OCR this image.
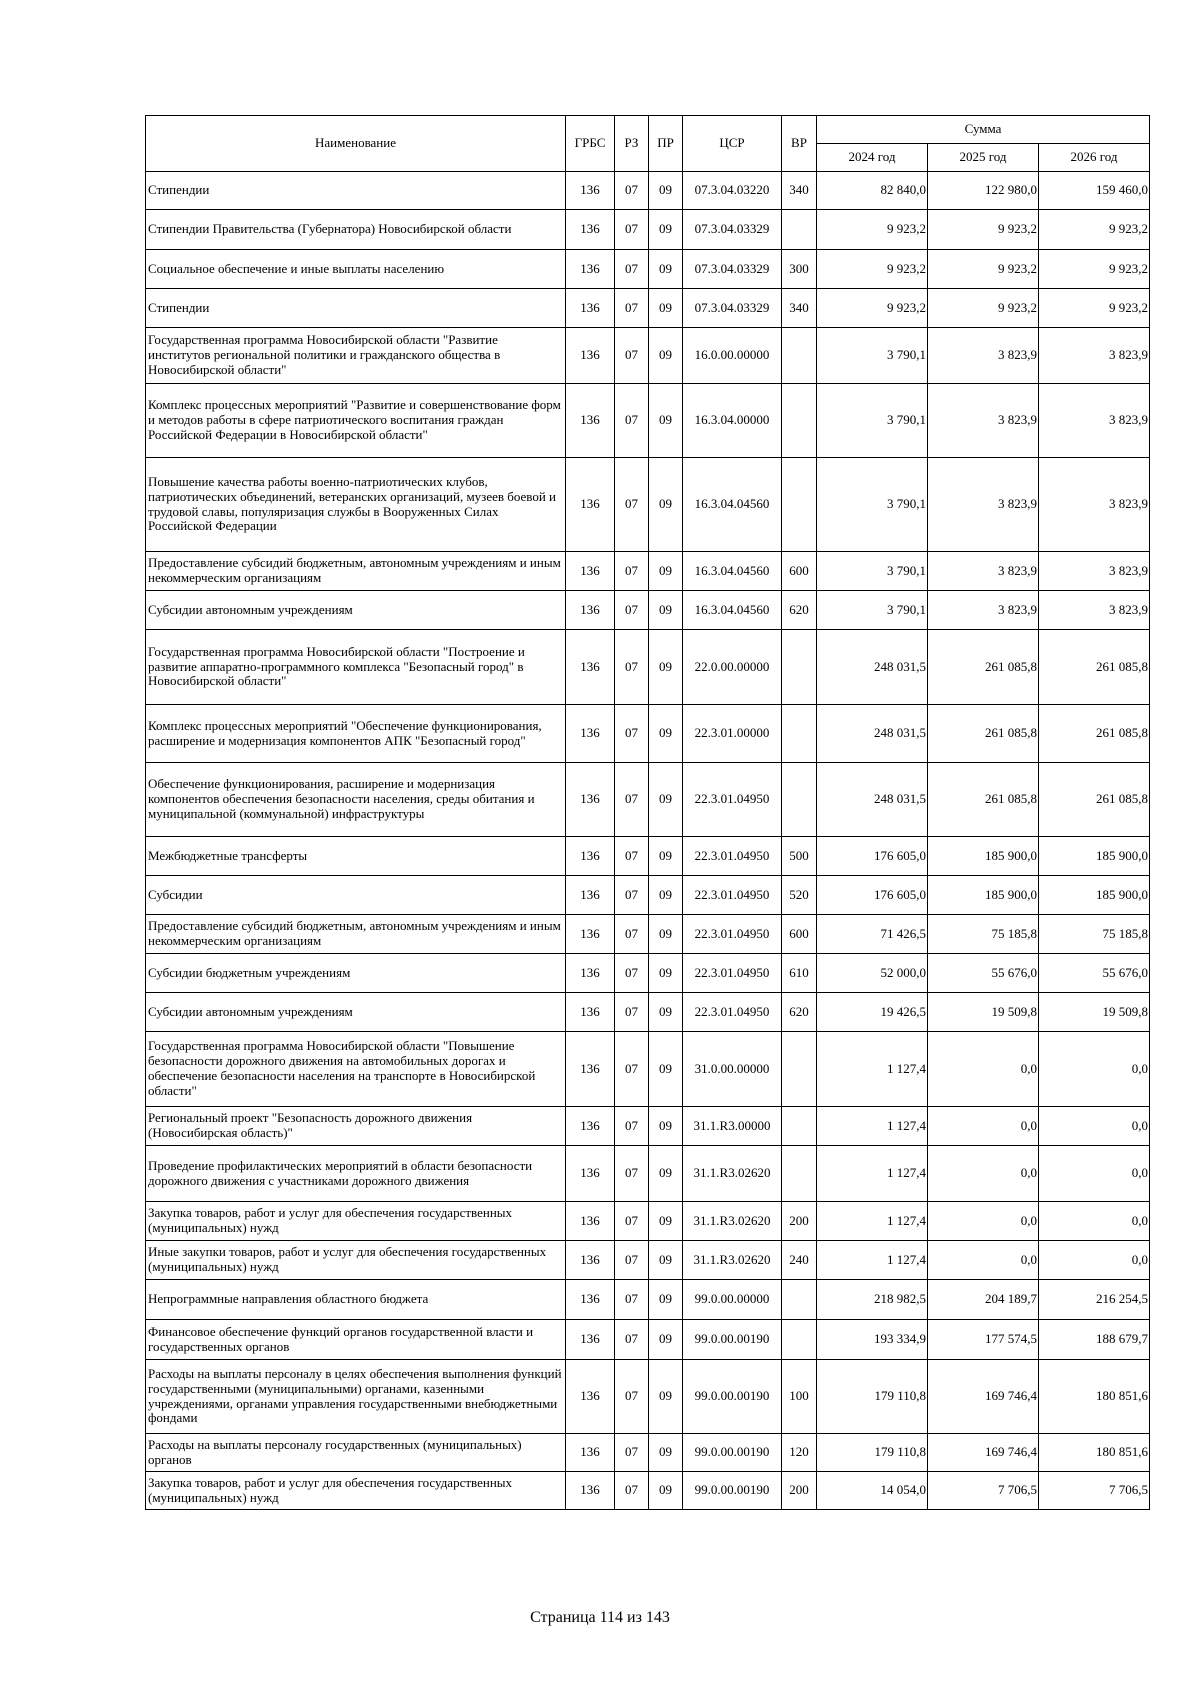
Наименование	ГРБС	РЗ	ПР	ЦСР	ВР	Сумма		
						2024 год	2025 год	2026 год
Стипендии	136	07	09	07.3.04.03220	340	82 840,0	122 980,0	159 460,0
Стипендии Правительства (Губернатора) Новосибирской области	136	07	09	07.3.04.03329		9 923,2	9 923,2	9 923,2
Социальное обеспечение и иные выплаты населению	136	07	09	07.3.04.03329	300	9 923,2	9 923,2	9 923,2
Стипендии	136	07	09	07.3.04.03329	340	9 923,2	9 923,2	9 923,2
Государственная программа Новосибирской области "Развитие институтов региональной политики и гражданского общества в Новосибирской области"	136	07	09	16.0.00.00000		3 790,1	3 823,9	3 823,9
Комплекс процессных мероприятий "Развитие и совершенствование форм и методов работы в сфере патриотического воспитания граждан Российской Федерации в Новосибирской области"	136	07	09	16.3.04.00000		3 790,1	3 823,9	3 823,9
Повышение качества работы военно-патриотических клубов, патриотических объединений, ветеранских организаций, музеев боевой и трудовой славы, популяризация службы в Вооруженных Силах Российской Федерации	136	07	09	16.3.04.04560		3 790,1	3 823,9	3 823,9
Предоставление субсидий бюджетным, автономным учреждениям и иным некоммерческим организациям	136	07	09	16.3.04.04560	600	3 790,1	3 823,9	3 823,9
Субсидии автономным учреждениям	136	07	09	16.3.04.04560	620	3 790,1	3 823,9	3 823,9
Государственная программа Новосибирской области "Построение и развитие аппаратно-программного комплекса "Безопасный город" в Новосибирской области"	136	07	09	22.0.00.00000		248 031,5	261 085,8	261 085,8
Комплекс процессных мероприятий "Обеспечение функционирования, расширение и модернизация компонентов АПК "Безопасный город"	136	07	09	22.3.01.00000		248 031,5	261 085,8	261 085,8
Обеспечение функционирования, расширение и модернизация компонентов обеспечения безопасности населения, среды обитания и муниципальной (коммунальной) инфраструктуры	136	07	09	22.3.01.04950		248 031,5	261 085,8	261 085,8
Межбюджетные трансферты	136	07	09	22.3.01.04950	500	176 605,0	185 900,0	185 900,0
Субсидии	136	07	09	22.3.01.04950	520	176 605,0	185 900,0	185 900,0
Предоставление субсидий бюджетным, автономным учреждениям и иным некоммерческим организациям	136	07	09	22.3.01.04950	600	71 426,5	75 185,8	75 185,8
Субсидии бюджетным учреждениям	136	07	09	22.3.01.04950	610	52 000,0	55 676,0	55 676,0
Субсидии автономным учреждениям	136	07	09	22.3.01.04950	620	19 426,5	19 509,8	19 509,8
Государственная программа Новосибирской области "Повышение безопасности дорожного движения на автомобильных дорогах и обеспечение безопасности населения на транспорте в Новосибирской области"	136	07	09	31.0.00.00000		1 127,4	0,0	0,0
Региональный проект "Безопасность дорожного движения (Новосибирская область)"	136	07	09	31.1.R3.00000		1 127,4	0,0	0,0
Проведение профилактических мероприятий в области безопасности дорожного движения с участниками дорожного движения	136	07	09	31.1.R3.02620		1 127,4	0,0	0,0
Закупка товаров, работ и услуг для обеспечения государственных (муниципальных) нужд	136	07	09	31.1.R3.02620	200	1 127,4	0,0	0,0
Иные закупки товаров, работ и услуг для обеспечения государственных (муниципальных) нужд	136	07	09	31.1.R3.02620	240	1 127,4	0,0	0,0
Непрограммные направления областного бюджета	136	07	09	99.0.00.00000		218 982,5	204 189,7	216 254,5
Финансовое обеспечение функций органов государственной власти и государственных органов	136	07	09	99.0.00.00190		193 334,9	177 574,5	188 679,7
Расходы на выплаты персоналу в целях обеспечения выполнения функций государственными (муниципальными) органами, казенными учреждениями, органами управления государственными внебюджетными фондами	136	07	09	99.0.00.00190	100	179 110,8	169 746,4	180 851,6
Расходы на выплаты персоналу государственных (муниципальных) органов	136	07	09	99.0.00.00190	120	179 110,8	169 746,4	180 851,6
Закупка товаров, работ и услуг для обеспечения государственных (муниципальных) нужд	136	07	09	99.0.00.00190	200	14 054,0	7 706,5	7 706,5
Страница 114 из 143
